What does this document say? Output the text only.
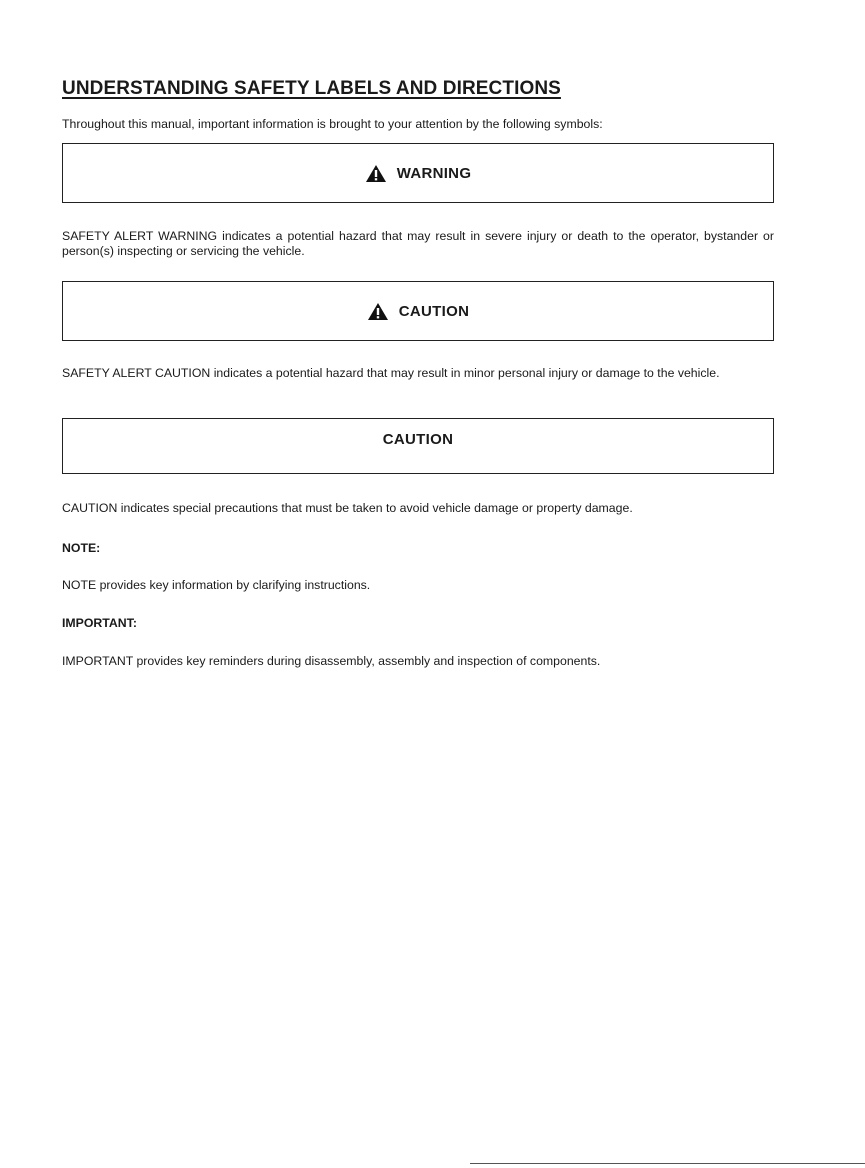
UNDERSTANDING SAFETY LABELS AND DIRECTIONS

Throughout this manual, important information is brought to your attention by the following symbols:

WARNING

SAFETY ALERT WARNING indicates a potential hazard that may result in severe injury or death to the operator, bystander or person(s) inspecting or servicing the vehicle.

CAUTION

SAFETY ALERT CAUTION indicates a potential hazard that may result in minor personal injury or damage to the vehicle.

CAUTION

CAUTION indicates special precautions that must be taken to avoid vehicle damage or property damage.

NOTE:

NOTE provides key information by clarifying instructions.

IMPORTANT:

IMPORTANT provides key reminders during disassembly, assembly and inspection of components.
